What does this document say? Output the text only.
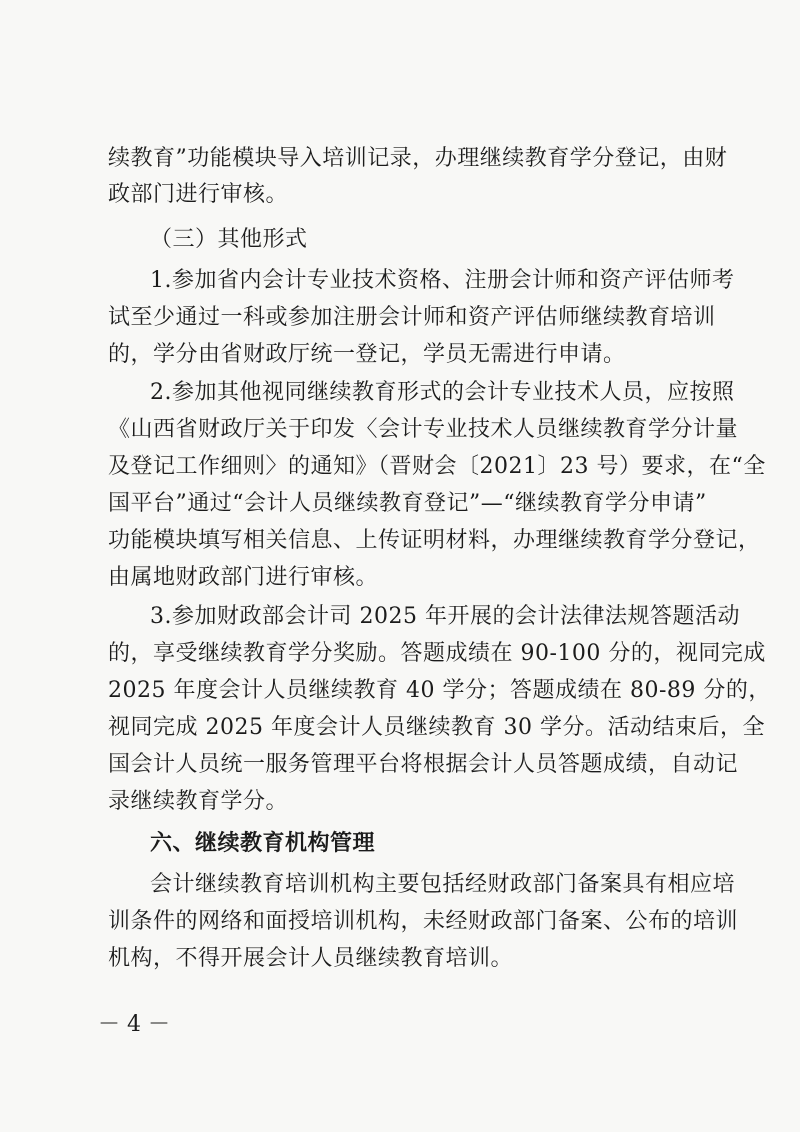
续教育”功能模块导入培训记录，办理继续教育学分登记，由财
政部门进行审核。
（三）其他形式
1.参加省内会计专业技术资格、注册会计师和资产评估师考
试至少通过一科或参加注册会计师和资产评估师继续教育培训
的，学分由省财政厅统一登记，学员无需进行申请。
2.参加其他视同继续教育形式的会计专业技术人员，应按照
《山西省财政厅关于印发〈会计专业技术人员继续教育学分计量
及登记工作细则〉的通知》（晋财会〔2021〕23 号）要求，在“全
国平台”通过“会计人员继续教育登记”—“继续教育学分申请”
功能模块填写相关信息、上传证明材料，办理继续教育学分登记，
由属地财政部门进行审核。
3.参加财政部会计司 2025 年开展的会计法律法规答题活动
的，享受继续教育学分奖励。答题成绩在 90-100 分的，视同完成
2025 年度会计人员继续教育 40 学分；答题成绩在 80-89 分的，
视同完成 2025 年度会计人员继续教育 30 学分。活动结束后，全
国会计人员统一服务管理平台将根据会计人员答题成绩，自动记
录继续教育学分。
六、继续教育机构管理
会计继续教育培训机构主要包括经财政部门备案具有相应培
训条件的网络和面授培训机构，未经财政部门备案、公布的培训
机构，不得开展会计人员继续教育培训。
－ 4 －
